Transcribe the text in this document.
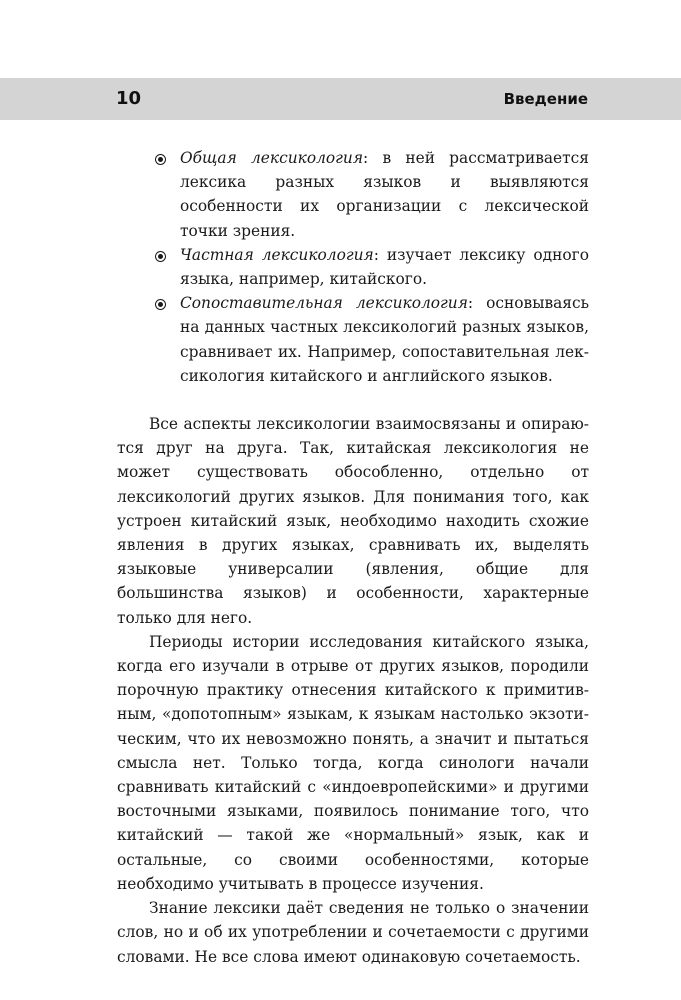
10	Введение
Общая лексикология: в ней рассматривается лексика разных языков и выявляются особенности их организации с лексической точки зрения.
Частная лексикология: изучает лексику одного языка, например, китайского.
Сопоставительная лексикология: основываясь на данных частных лексикологий разных языков, сравнивает их. Например, сопоставительная лексикология китайского и английского языков.

Все аспекты лексикологии взаимосвязаны и опираются друг на друга. Так, китайская лексикология не может существовать обособленно, отдельно от лексикологий других языков. Для понимания того, как устроен китайский язык, необходимо находить схожие явления в других языках, сравнивать их, выделять языковые универсалии (явления, общие для большинства языков) и особенности, характерные только для него.

Периоды истории исследования китайского языка, когда его изучали в отрыве от других языков, породили порочную практику отнесения китайского к примитивным, «допотопным» языкам, к языкам настолько экзотическим, что их невозможно понять, а значит и пытаться смысла нет. Только тогда, когда синологи начали сравнивать китайский с «индоевропейскими» и другими восточными языками, появилось понимание того, что китайский — такой же «нормальный» язык, как и остальные, со своими особенностями, которые необходимо учитывать в процессе изучения.

Знание лексики даёт сведения не только о значении слов, но и об их употреблении и сочетаемости с другими словами. Не все слова имеют одинаковую сочетаемость.
